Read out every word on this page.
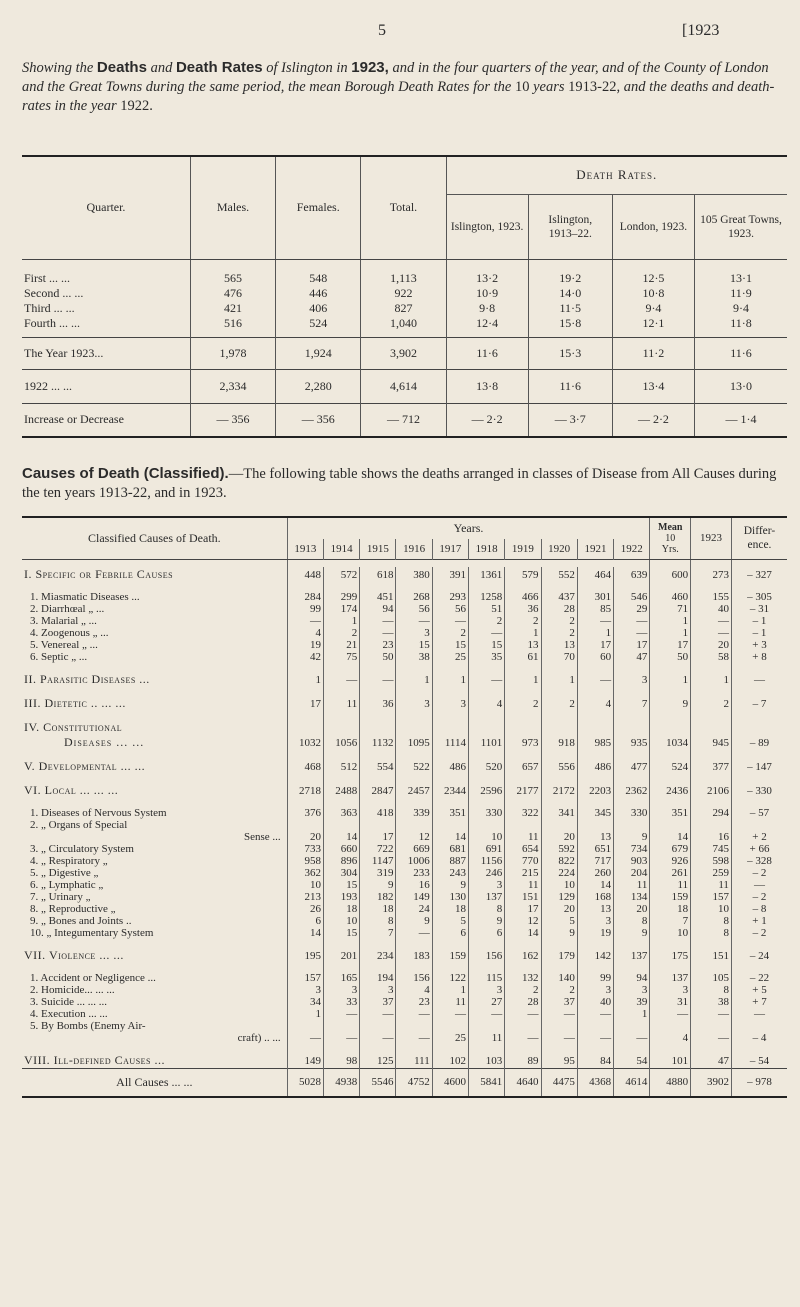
5	[1923
Showing the Deaths and Death Rates of Islington in 1923, and in the four quarters of the year, and of the County of London and the Great Towns during the same period, the mean Borough Death Rates for the 10 years 1913-22, and the deaths and death-rates in the year 1922.
Quarter.	Males.	Females.	Total.	Death Rates.			
				Islington, 1923.	Islington, 1913–22.	London, 1923.	105 Great Towns, 1923.

First ... ...	565	548	1,113	13·2	19·2	12·5	13·1
Second ... ...	476	446	922	10·9	14·0	10·8	11·9
Third ... ...	421	406	827	9·8	11·5	9·4	9·4
Fourth ... ...	516	524	1,040	12·4	15·8	12·1	11·8

The Year 1923...	1,978	1,924	3,902	11·6	15·3	11·2	11·6
1922 ... ...	2,334	2,280	4,614	13·8	11·6	13·4	13·0
Increase or Decrease	— 356	— 356	— 712	— 2·2	— 3·7	— 2·2	— 1·4
Causes of Death (Classified).—The following table shows the deaths arranged in classes of Disease from All Causes during the ten years 1913-22, and in 1923.
Classified Causes of Death.	Years.										Mean
10
Yrs.	1923	Differ- ence.
	1913	1914	1915	1916	1917	1918	1919	1920	1921	1922			

I. Specific or Febrile Causes	448	572	618	380	391	1361	579	552	464	639	600	273	– 327

1. Miasmatic Diseases ...	284	299	451	268	293	1258	466	437	301	546	460	155	– 305
2. Diarrhœal „ ...	99	174	94	56	56	51	36	28	85	29	71	40	– 31
3. Malarial „ ...	—	1	—	—	—	2	2	2	—	—	1	—	– 1
4. Zoogenous „ ...	4	2	—	3	2	—	1	2	1	—	1	—	– 1
5. Venereal „ ...	19	21	23	15	15	15	13	13	17	17	17	20	+ 3
6. Septic „ ...	42	75	50	38	25	35	61	70	60	47	50	58	+ 8

II. Parasitic Diseases ...	1	—	—	1	1	—	1	1	—	3	1	1	—

III. Dietetic .. ... ...	17	11	36	3	3	4	2	2	4	7	9	2	– 7

IV. Constitutional													
Diseases ... ...	1032	1056	1132	1095	1114	1101	973	918	985	935	1034	945	– 89

V. Developmental ... ...	468	512	554	522	486	520	657	556	486	477	524	377	– 147

VI. Local ... ... ...	2718	2488	2847	2457	2344	2596	2177	2172	2203	2362	2436	2106	– 330

1. Diseases of Nervous System	376	363	418	339	351	330	322	341	345	330	351	294	– 57
2. „ Organs of Special													
Sense ...	20	14	17	12	14	10	11	20	13	9	14	16	+ 2
3. „ Circulatory System	733	660	722	669	681	691	654	592	651	734	679	745	+ 66
4. „ Respiratory „	958	896	1147	1006	887	1156	770	822	717	903	926	598	– 328
5. „ Digestive „	362	304	319	233	243	246	215	224	260	204	261	259	– 2
6. „ Lymphatic „	10	15	9	16	9	3	11	10	14	11	11	11	—
7. „ Urinary „	213	193	182	149	130	137	151	129	168	134	159	157	– 2
8. „ Reproductive „	26	18	18	24	18	8	17	20	13	20	18	10	– 8
9. „ Bones and Joints ..	6	10	8	9	5	9	12	5	3	8	7	8	+ 1
10. „ Integumentary System	14	15	7	—	6	6	14	9	19	9	10	8	– 2

VII. Violence ... ...	195	201	234	183	159	156	162	179	142	137	175	151	– 24

1. Accident or Negligence ...	157	165	194	156	122	115	132	140	99	94	137	105	– 22
2. Homicide... ... ...	3	3	3	4	1	3	2	2	3	3	3	8	+ 5
3. Suicide ... ... ...	34	33	37	23	11	27	28	37	40	39	31	38	+ 7
4. Execution ... ...	1	—	—	—	—	—	—	—	—	1	—	—	—
5. By Bombs (Enemy Air-													
craft) .. ...	—	—	—	—	25	11	—	—	—	—	4	—	– 4

VIII. Ill-defined Causes ...	149	98	125	111	102	103	89	95	84	54	101	47	– 54
All Causes ... ...	5028	4938	5546	4752	4600	5841	4640	4475	4368	4614	4880	3902	– 978
